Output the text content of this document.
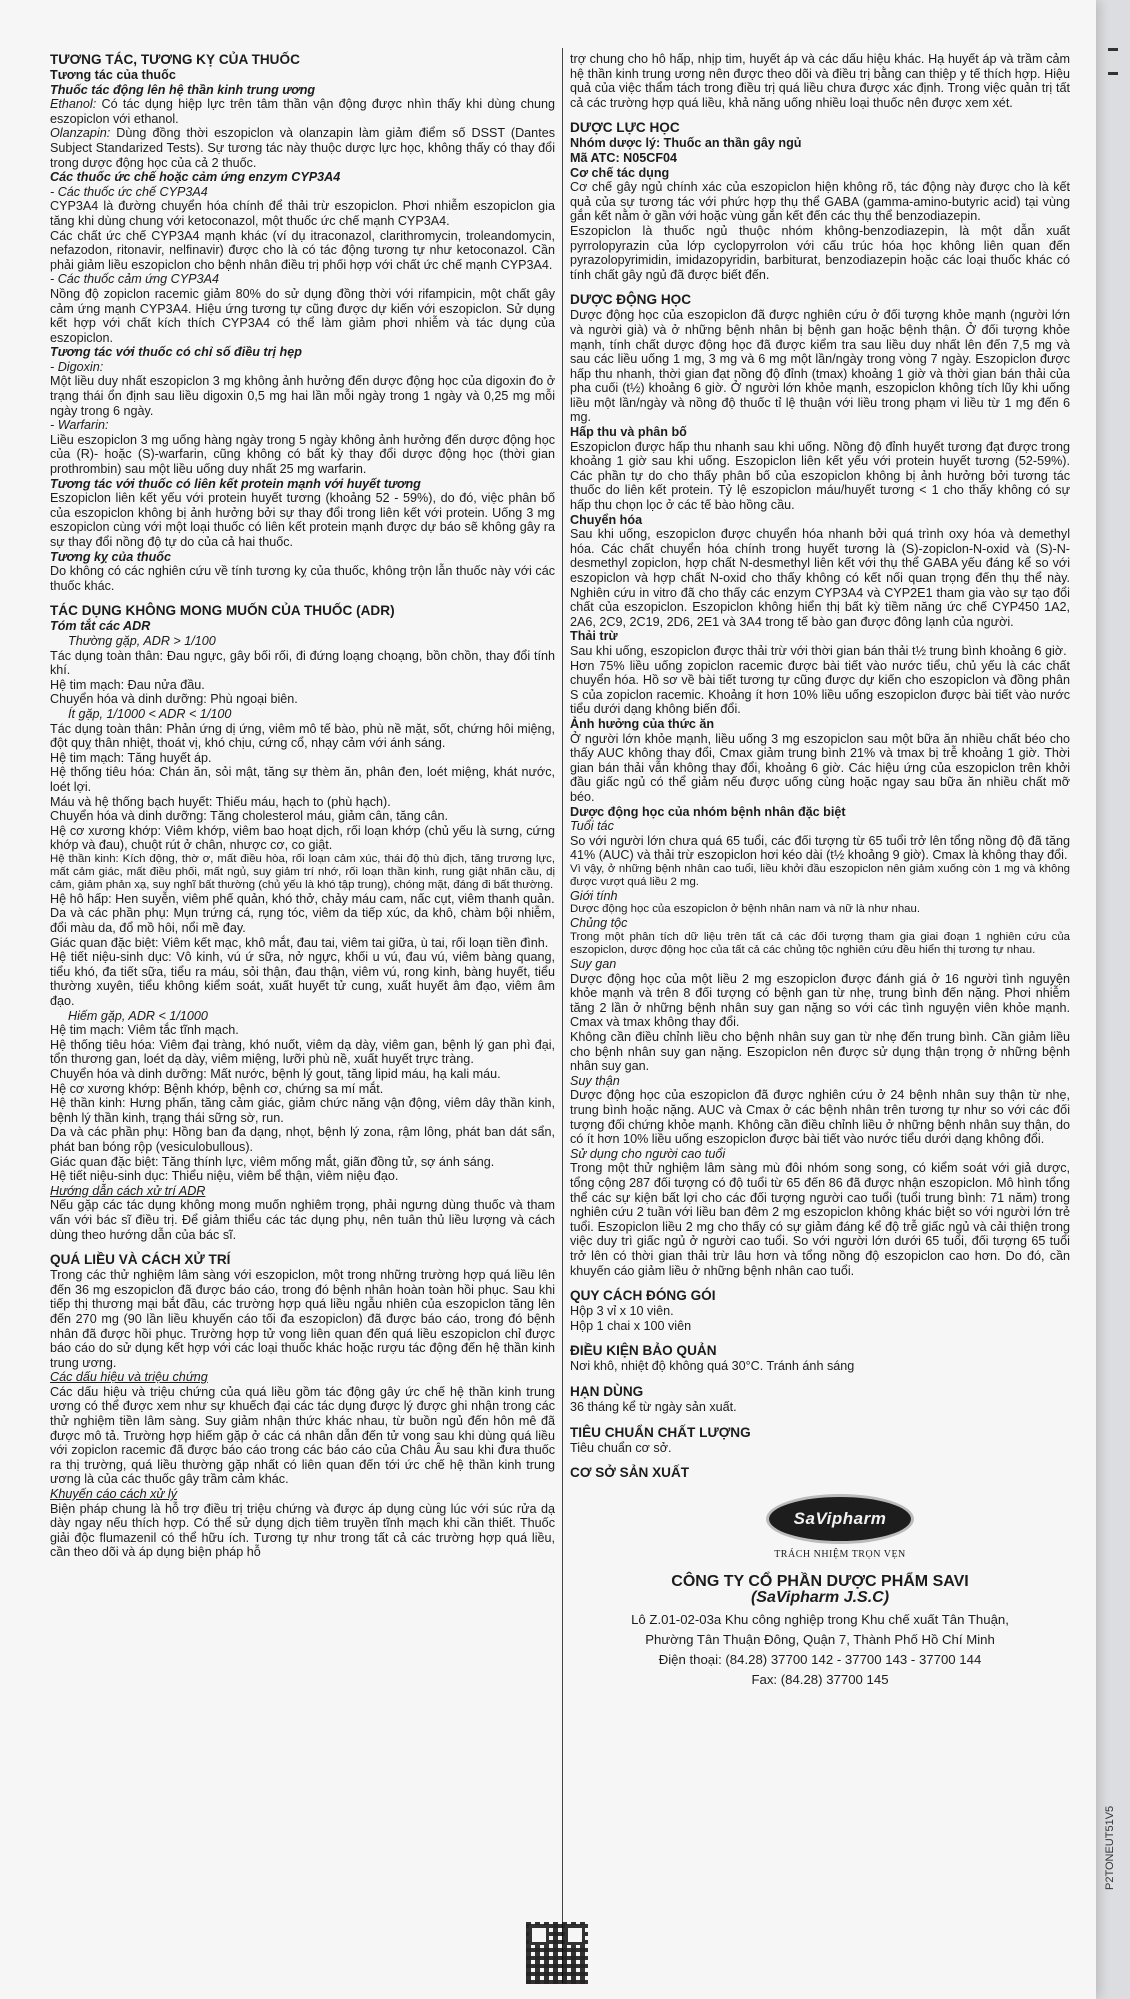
TƯƠNG TÁC, TƯƠNG KỴ CỦA THUỐC
Tương tác của thuốc
Thuốc tác động lên hệ thần kinh trung ương

Ethanol: Có tác dụng hiệp lực trên tâm thần vận động được nhìn thấy khi dùng chung eszopiclon với ethanol.

Olanzapin: Dùng đồng thời eszopiclon và olanzapin làm giảm điểm số DSST (Dantes Subject Standarized Tests). Sự tương tác này thuộc dược lực học, không thấy có thay đổi trong dược động học của cả 2 thuốc.

Các thuốc ức chế hoặc cảm ứng enzym CYP3A4
- Các thuốc ức chế CYP3A4

CYP3A4 là đường chuyển hóa chính để thải trừ eszopiclon. Phơi nhiễm eszopiclon gia tăng khi dùng chung với ketoconazol, một thuốc ức chế mạnh CYP3A4.

Các chất ức chế CYP3A4 mạnh khác (ví dụ itraconazol, clarithromycin, troleandomycin, nefazodon, ritonavir, nelfinavir) được cho là có tác động tương tự như ketoconazol. Cần phải giảm liều eszopiclon cho bệnh nhân điều trị phối hợp với chất ức chế mạnh CYP3A4.

- Các thuốc cảm ứng CYP3A4

Nồng độ zopiclon racemic giảm 80% do sử dụng đồng thời với rifampicin, một chất gây cảm ứng mạnh CYP3A4. Hiệu ứng tương tự cũng được dự kiến với eszopiclon. Sử dụng kết hợp với chất kích thích CYP3A4 có thể làm giảm phơi nhiễm và tác dụng của eszopiclon.

Tương tác với thuốc có chỉ số điều trị hẹp
- Digoxin:

Một liều duy nhất eszopiclon 3 mg không ảnh hưởng đến dược động học của digoxin đo ở trạng thái ổn định sau liều digoxin 0,5 mg hai lần mỗi ngày trong 1 ngày và 0,25 mg mỗi ngày trong 6 ngày.

- Warfarin:

Liều eszopiclon 3 mg uống hàng ngày trong 5 ngày không ảnh hưởng đến dược động học của (R)- hoặc (S)-warfarin, cũng không có bất kỳ thay đổi dược động học (thời gian prothrombin) sau một liều uống duy nhất 25 mg warfarin.

Tương tác với thuốc có liên kết protein mạnh với huyết tương

Eszopiclon liên kết yếu với protein huyết tương (khoảng 52 - 59%), do đó, việc phân bố của eszopiclon không bị ảnh hưởng bởi sự thay đổi trong liên kết với protein. Uống 3 mg eszopiclon cùng với một loại thuốc có liên kết protein mạnh được dự báo sẽ không gây ra sự thay đổi nồng độ tự do của cả hai thuốc.

Tương kỵ của thuốc

Do không có các nghiên cứu về tính tương kỵ của thuốc, không trộn lẫn thuốc này với các thuốc khác.

TÁC DỤNG KHÔNG MONG MUỐN CỦA THUỐC (ADR)
Tóm tắt các ADR
Thường gặp, ADR > 1/100

Tác dụng toàn thân: Đau ngực, gây bối rối, đi đứng loạng choạng, bồn chồn, thay đổi tính khí.

Hệ tim mạch: Đau nửa đầu.

Chuyển hóa và dinh dưỡng: Phù ngoại biên.

Ít gặp, 1/1000 < ADR < 1/100

Tác dụng toàn thân: Phản ứng dị ứng, viêm mô tế bào, phù nề mặt, sốt, chứng hôi miệng, đột quỵ thân nhiệt, thoát vị, khó chịu, cứng cổ, nhạy cảm với ánh sáng.

Hệ tim mạch: Tăng huyết áp.

Hệ thống tiêu hóa: Chán ăn, sỏi mật, tăng sự thèm ăn, phân đen, loét miệng, khát nước, loét lợi.

Máu và hệ thống bạch huyết: Thiếu máu, hạch to (phù hạch).

Chuyển hóa và dinh dưỡng: Tăng cholesterol máu, giảm cân, tăng cân.

Hệ cơ xương khớp: Viêm khớp, viêm bao hoạt dịch, rối loạn khớp (chủ yếu là sưng, cứng khớp và đau), chuột rút ở chân, nhược cơ, co giật.

Hệ thần kinh: Kích động, thờ ơ, mất điều hòa, rối loạn cảm xúc, thái độ thù địch, tăng trương lực, mất cảm giác, mất điều phối, mất ngủ, suy giảm trí nhớ, rối loạn thần kinh, rung giật nhãn cầu, dị cảm, giảm phản xạ, suy nghĩ bất thường (chủ yếu là khó tập trung), chóng mặt, đáng đi bất thường.

Hệ hô hấp: Hen suyễn, viêm phế quản, khó thở, chảy máu cam, nấc cụt, viêm thanh quản.

Da và các phần phụ: Mụn trứng cá, rụng tóc, viêm da tiếp xúc, da khô, chàm bội nhiễm, đổi màu da, đổ mồ hôi, nổi mề đay.

Giác quan đặc biệt: Viêm kết mạc, khô mắt, đau tai, viêm tai giữa, ù tai, rối loạn tiền đình.

Hệ tiết niệu-sinh dục: Vô kinh, vú ứ sữa, nở ngực, khối u vú, đau vú, viêm bàng quang, tiểu khó, đa tiết sữa, tiểu ra máu, sỏi thận, đau thận, viêm vú, rong kinh, bàng huyết, tiểu thường xuyên, tiểu không kiểm soát, xuất huyết tử cung, xuất huyết âm đạo, viêm âm đạo.

Hiếm gặp, ADR < 1/1000

Hệ tim mạch: Viêm tắc tĩnh mạch.

Hệ thống tiêu hóa: Viêm đại tràng, khó nuốt, viêm dạ dày, viêm gan, bệnh lý gan phì đại, tổn thương gan, loét dạ dày, viêm miệng, lưỡi phù nề, xuất huyết trực tràng.

Chuyển hóa và dinh dưỡng: Mất nước, bệnh lý gout, tăng lipid máu, hạ kali máu.

Hệ cơ xương khớp: Bệnh khớp, bệnh cơ, chứng sa mí mắt.

Hệ thần kinh: Hưng phấn, tăng cảm giác, giảm chức năng vận động, viêm dây thần kinh, bệnh lý thần kinh, trạng thái sững sờ, run.

Da và các phần phụ: Hồng ban đa dạng, nhọt, bệnh lý zona, rậm lông, phát ban dát sẩn, phát ban bóng rộp (vesiculobullous).

Giác quan đặc biệt: Tăng thính lực, viêm mống mắt, giãn đồng tử, sợ ánh sáng.

Hệ tiết niệu-sinh dục: Thiểu niệu, viêm bể thận, viêm niệu đạo.

Hướng dẫn cách xử trí ADR

Nếu gặp các tác dụng không mong muốn nghiêm trọng, phải ngưng dùng thuốc và tham vấn với bác sĩ điều trị. Để giảm thiểu các tác dụng phụ, nên tuân thủ liều lượng và cách dùng theo hướng dẫn của bác sĩ.

QUÁ LIỀU VÀ CÁCH XỬ TRÍ

Trong các thử nghiệm lâm sàng với eszopiclon, một trong những trường hợp quá liều lên đến 36 mg eszopiclon đã được báo cáo, trong đó bệnh nhân hoàn toàn hồi phục. Sau khi tiếp thị thương mại bắt đầu, các trường hợp quá liều ngẫu nhiên của eszopiclon tăng lên đến 270 mg (90 lần liều khuyến cáo tối đa eszopiclon) đã được báo cáo, trong đó bệnh nhân đã được hồi phục. Trường hợp tử vong liên quan đến quá liều eszopiclon chỉ được báo cáo do sử dụng kết hợp với các loại thuốc khác hoặc rượu tác động đến hệ thần kinh trung ương.

Các dấu hiệu và triệu chứng

Các dấu hiệu và triệu chứng của quá liều gồm tác động gây ức chế hệ thần kinh trung ương có thể được xem như sự khuếch đại các tác dụng được lý được ghi nhận trong các thử nghiệm tiền lâm sàng. Suy giảm nhận thức khác nhau, từ buồn ngủ đến hôn mê đã được mô tả. Trường hợp hiếm gặp ở các cá nhân dẫn đến tử vong sau khi dùng quá liều với zopiclon racemic đã được báo cáo trong các báo cáo của Châu Âu sau khi đưa thuốc ra thị trường, quá liều thường gặp nhất có liên quan đến tới ức chế hệ thần kinh trung ương là của các thuốc gây trầm cảm khác.

Khuyến cáo cách xử lý

Biện pháp chung là hỗ trợ điều trị triệu chứng và được áp dụng cùng lúc với súc rửa dạ dày ngay nếu thích hợp. Có thể sử dụng dịch tiêm truyền tĩnh mạch khi cần thiết. Thuốc giải độc flumazenil có thể hữu ích. Tương tự như trong tất cả các trường hợp quá liều, cần theo dõi và áp dụng biện pháp hỗ

trợ chung cho hô hấp, nhịp tim, huyết áp và các dấu hiệu khác. Hạ huyết áp và trầm cảm hệ thần kinh trung ương nên được theo dõi và điều trị bằng can thiệp y tế thích hợp. Hiệu quả của việc thẩm tách trong điều trị quá liều chưa được xác định. Trong việc quản trị tất cả các trường hợp quá liều, khả năng uống nhiều loại thuốc nên được xem xét.

DƯỢC LỰC HỌC
Nhóm dược lý: Thuốc an thần gây ngủ
Mã ATC: N05CF04
Cơ chế tác dụng

Cơ chế gây ngủ chính xác của eszopiclon hiện không rõ, tác động này được cho là kết quả của sự tương tác với phức hợp thụ thể GABA (gamma-amino-butyric acid) tại vùng gắn kết nằm ở gần với hoặc vùng gắn kết đến các thụ thể benzodiazepin.

Eszopiclon là thuốc ngủ thuộc nhóm không-benzodiazepin, là một dẫn xuất pyrrolopyrazin của lớp cyclopyrrolon với cấu trúc hóa học không liên quan đến pyrazolopyrimidin, imidazopyridin, barbiturat, benzodiazepin hoặc các loại thuốc khác có tính chất gây ngủ đã được biết đến.

DƯỢC ĐỘNG HỌC

Dược động học của eszopiclon đã được nghiên cứu ở đối tượng khỏe mạnh (người lớn và người già) và ở những bệnh nhân bị bệnh gan hoặc bệnh thận. Ở đối tượng khỏe mạnh, tính chất dược động học đã được kiểm tra sau liều duy nhất lên đến 7,5 mg và sau các liều uống 1 mg, 3 mg và 6 mg một lần/ngày trong vòng 7 ngày. Eszopiclon được hấp thu nhanh, thời gian đạt nồng độ đỉnh (tmax) khoảng 1 giờ và thời gian bán thải của pha cuối (t½) khoảng 6 giờ. Ở người lớn khỏe mạnh, eszopiclon không tích lũy khi uống liều một lần/ngày và nồng độ thuốc tỉ lệ thuận với liều trong phạm vi liều từ 1 mg đến 6 mg.

Hấp thu và phân bố

Eszopiclon được hấp thu nhanh sau khi uống. Nồng độ đỉnh huyết tương đạt được trong khoảng 1 giờ sau khi uống. Eszopiclon liên kết yếu với protein huyết tương (52-59%). Các phần tự do cho thấy phân bố của eszopiclon không bị ảnh hưởng bởi tương tác thuốc do liên kết protein. Tỷ lệ eszopiclon máu/huyết tương < 1 cho thấy không có sự hấp thu chọn lọc ở các tế bào hồng cầu.

Chuyển hóa

Sau khi uống, eszopiclon được chuyển hóa nhanh bởi quá trình oxy hóa và demethyl hóa. Các chất chuyển hóa chính trong huyết tương là (S)-zopiclon-N-oxid và (S)-N-desmethyl zopiclon, hợp chất N-desmethyl liên kết với thụ thể GABA yếu đáng kể so với eszopiclon và hợp chất N-oxid cho thấy không có kết nối quan trọng đến thụ thể này. Nghiên cứu in vitro đã cho thấy các enzym CYP3A4 và CYP2E1 tham gia vào sự tạo đổi chất của eszopiclon. Eszopiclon không hiển thị bất kỳ tiềm năng ức chế CYP450 1A2, 2A6, 2C9, 2C19, 2D6, 2E1 và 3A4 trong tế bào gan được đông lạnh của người.

Thải trừ

Sau khi uống, eszopiclon được thải trừ với thời gian bán thải t½ trung bình khoảng 6 giờ.

Hơn 75% liều uống zopiclon racemic được bài tiết vào nước tiểu, chủ yếu là các chất chuyển hóa. Hồ sơ về bài tiết tương tự cũng được dự kiến cho eszopiclon và đồng phân S của zopiclon racemic. Khoảng ít hơn 10% liều uống eszopiclon được bài tiết vào nước tiểu dưới dạng không biến đổi.

Ảnh hưởng của thức ăn

Ở người lớn khỏe mạnh, liều uống 3 mg eszopiclon sau một bữa ăn nhiều chất béo cho thấy AUC không thay đổi, Cmax giảm trung bình 21% và tmax bị trễ khoảng 1 giờ. Thời gian bán thải vẫn không thay đổi, khoảng 6 giờ. Các hiệu ứng của eszopiclon trên khởi đầu giấc ngủ có thể giảm nếu được uống cùng hoặc ngay sau bữa ăn nhiều chất mỡ béo.

Dược động học của nhóm bệnh nhân đặc biệt
Tuổi tác

So với người lớn chưa quá 65 tuổi, các đối tượng từ 65 tuổi trở lên tổng nồng độ đã tăng 41% (AUC) và thải trừ eszopiclon hơi kéo dài (t½ khoảng 9 giờ). Cmax là không thay đổi.

Vì vậy, ở những bệnh nhân cao tuổi, liều khởi đầu eszopiclon nên giảm xuống còn 1 mg và không được vượt quá liều 2 mg.

Giới tính

Dược động học của eszopiclon ở bệnh nhân nam và nữ là như nhau.

Chủng tộc

Trong một phân tích dữ liệu trên tất cả các đối tượng tham gia giai đoạn 1 nghiên cứu của eszopiclon, dược động học của tất cả các chủng tộc nghiên cứu đều hiển thị tương tự nhau.

Suy gan

Dược động học của một liều 2 mg eszopiclon được đánh giá ở 16 người tình nguyện khỏe mạnh và trên 8 đối tượng có bệnh gan từ nhẹ, trung bình đến nặng. Phơi nhiễm tăng 2 lần ở những bệnh nhân suy gan nặng so với các tình nguyện viên khỏe mạnh. Cmax và tmax không thay đổi.

Không cần điều chỉnh liều cho bệnh nhân suy gan từ nhẹ đến trung bình. Cần giảm liều cho bệnh nhân suy gan nặng. Eszopiclon nên được sử dụng thận trọng ở những bệnh nhân suy gan.

Suy thận

Dược động học của eszopiclon đã được nghiên cứu ở 24 bệnh nhân suy thận từ nhẹ, trung bình hoặc nặng. AUC và Cmax ở các bệnh nhân trên tương tự như so với các đối tượng đối chứng khỏe mạnh. Không cần điều chỉnh liều ở những bệnh nhân suy thận, do có ít hơn 10% liều uống eszopiclon được bài tiết vào nước tiểu dưới dạng không đổi.

Sử dụng cho người cao tuổi

Trong một thử nghiệm lâm sàng mù đôi nhóm song song, có kiểm soát với giả dược, tổng cộng 287 đối tượng có độ tuổi từ 65 đến 86 đã được nhận eszopiclon. Mô hình tổng thể các sự kiện bất lợi cho các đối tượng người cao tuổi (tuổi trung bình: 71 năm) trong nghiên cứu 2 tuần với liều ban đêm 2 mg eszopiclon không khác biệt so với người lớn trẻ tuổi. Eszopiclon liều 2 mg cho thấy có sự giảm đáng kể độ trễ giấc ngủ và cải thiện trong việc duy trì giấc ngủ ở người cao tuổi. So với người lớn dưới 65 tuổi, đối tượng 65 tuổi trở lên có thời gian thải trừ lâu hơn và tổng nồng độ eszopiclon cao hơn. Do đó, cần khuyến cáo giảm liều ở những bệnh nhân cao tuổi.

QUY CÁCH ĐÓNG GÓI

Hộp 3 vỉ x 10 viên.

Hộp 1 chai x 100 viên

ĐIỀU KIỆN BẢO QUẢN

Nơi khô, nhiệt độ không quá 30°C. Tránh ánh sáng

HẠN DÙNG

36 tháng kể từ ngày sản xuất.

TIÊU CHUẨN CHẤT LƯỢNG

Tiêu chuẩn cơ sở.

CƠ SỞ SẢN XUẤT
SaVipharm
TRÁCH NHIỆM TRỌN VẸN
CÔNG TY CỔ PHẦN DƯỢC PHẨM SAVI
(SaVipharm J.S.C)
Lô Z.01-02-03a Khu công nghiệp trong Khu chế xuất Tân Thuận,
Phường Tân Thuận Đông, Quận 7, Thành Phố Hồ Chí Minh
Điện thoại: (84.28) 37700 142 - 37700 143 - 37700 144
Fax: (84.28) 37700 145
P2TONEUT51V5
